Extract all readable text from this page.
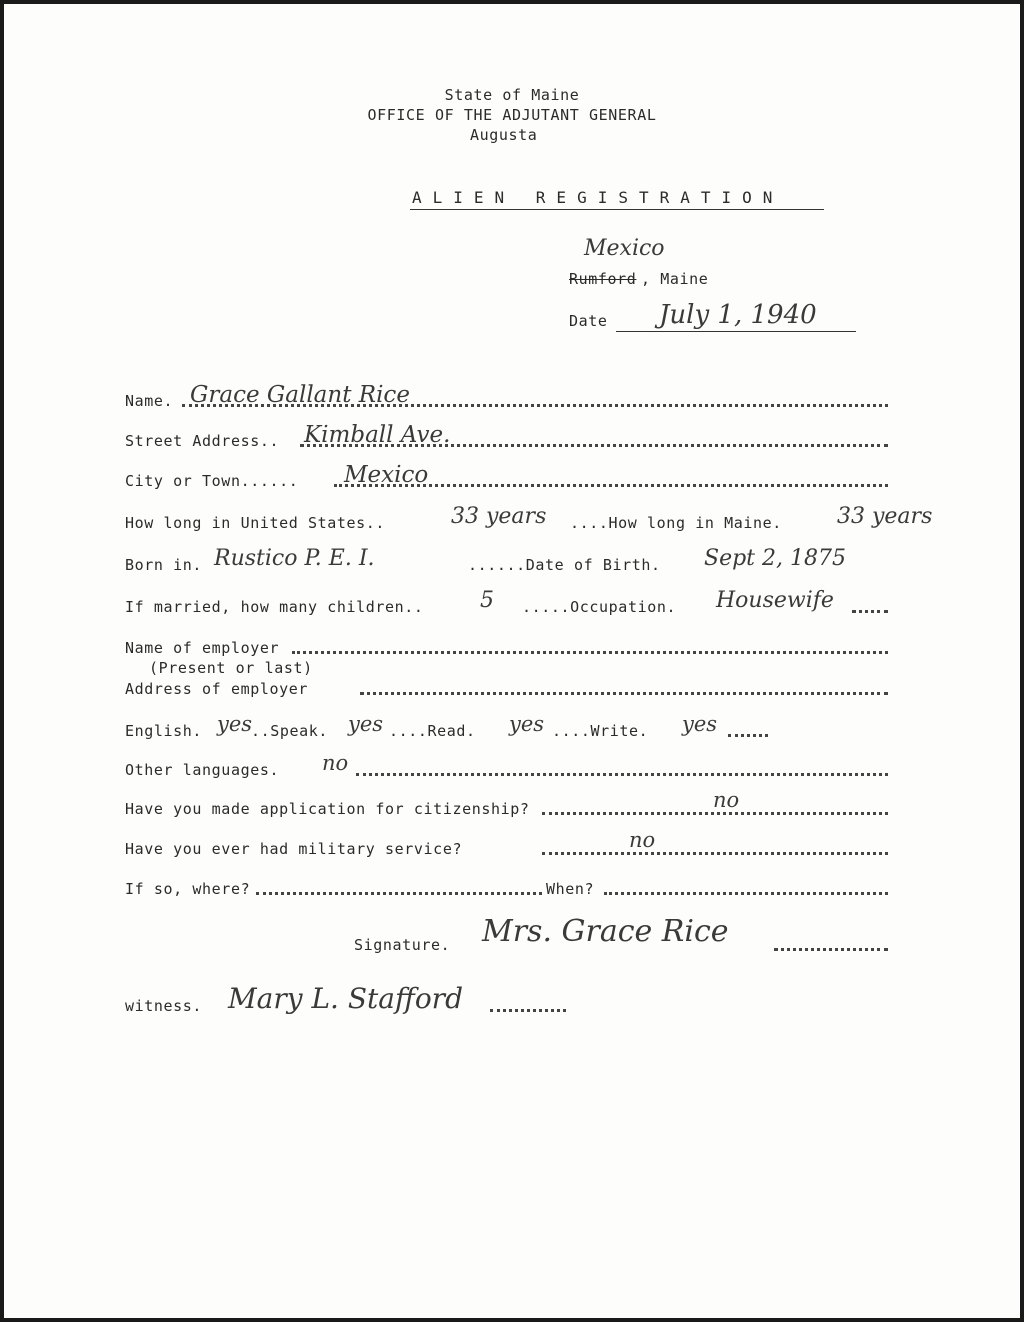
State of Maine
OFFICE OF THE ADJUTANT GENERAL
Augusta
ALIEN REGISTRATION
Mexico
Rumford , Maine
Date July 1, 1940
Name. Grace Gallant Rice
Street Address.. Kimball Ave.
City or Town...... Mexico
How long in United States..	33 years ....How long in Maine.	33 years
Born in. Rustico P. E. I.	......Date of Birth. Sept 2, 1875
If married, how many children..	5 .....Occupation. Housewife
Name of employer
(Present or last)
Address of employer
English. yes
..Speak. yes ....Read. yes ....Write. yes
Other languages. no
Have you made application for citizenship?	no
Have you ever had military service?	no
If so, where?	When?
Signature. Mrs. Grace Rice
witness. Mary L. Stafford
